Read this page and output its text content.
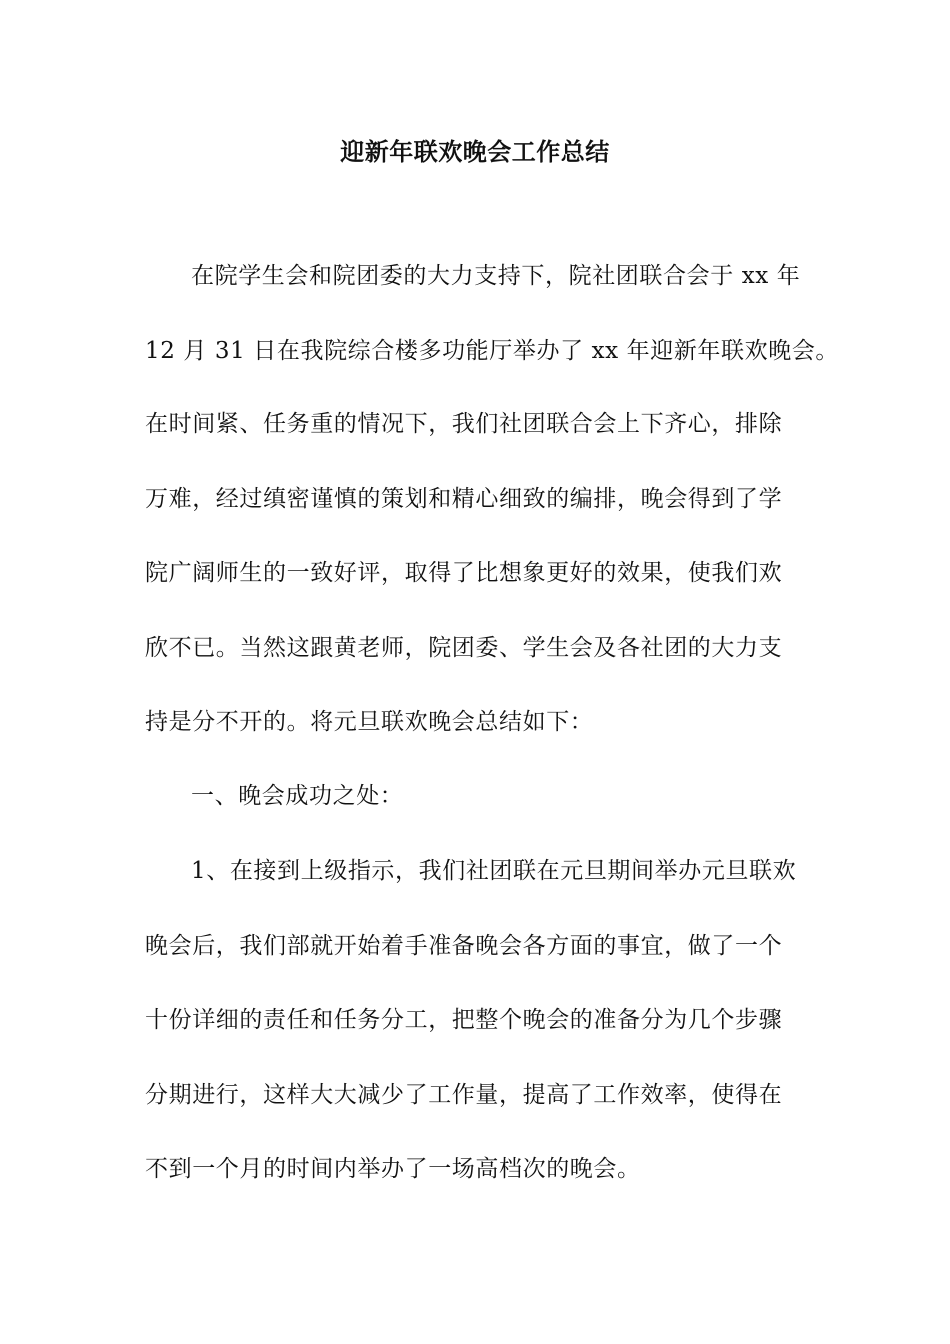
迎新年联欢晚会工作总结
在院学生会和院团委的大力支持下，院社团联合会于 xx 年
12 月 31 日在我院综合楼多功能厅举办了 xx 年迎新年联欢晚会。
在时间紧、任务重的情况下，我们社团联合会上下齐心，排除
万难，经过缜密谨慎的策划和精心细致的编排，晚会得到了学
院广阔师生的一致好评，取得了比想象更好的效果，使我们欢
欣不已。当然这跟黄老师，院团委、学生会及各社团的大力支
持是分不开的。将元旦联欢晚会总结如下：
一、晚会成功之处：
1、在接到上级指示，我们社团联在元旦期间举办元旦联欢
晚会后，我们部就开始着手准备晚会各方面的事宜，做了一个
十份详细的责任和任务分工，把整个晚会的准备分为几个步骤
分期进行，这样大大减少了工作量，提高了工作效率，使得在
不到一个月的时间内举办了一场高档次的晚会。
